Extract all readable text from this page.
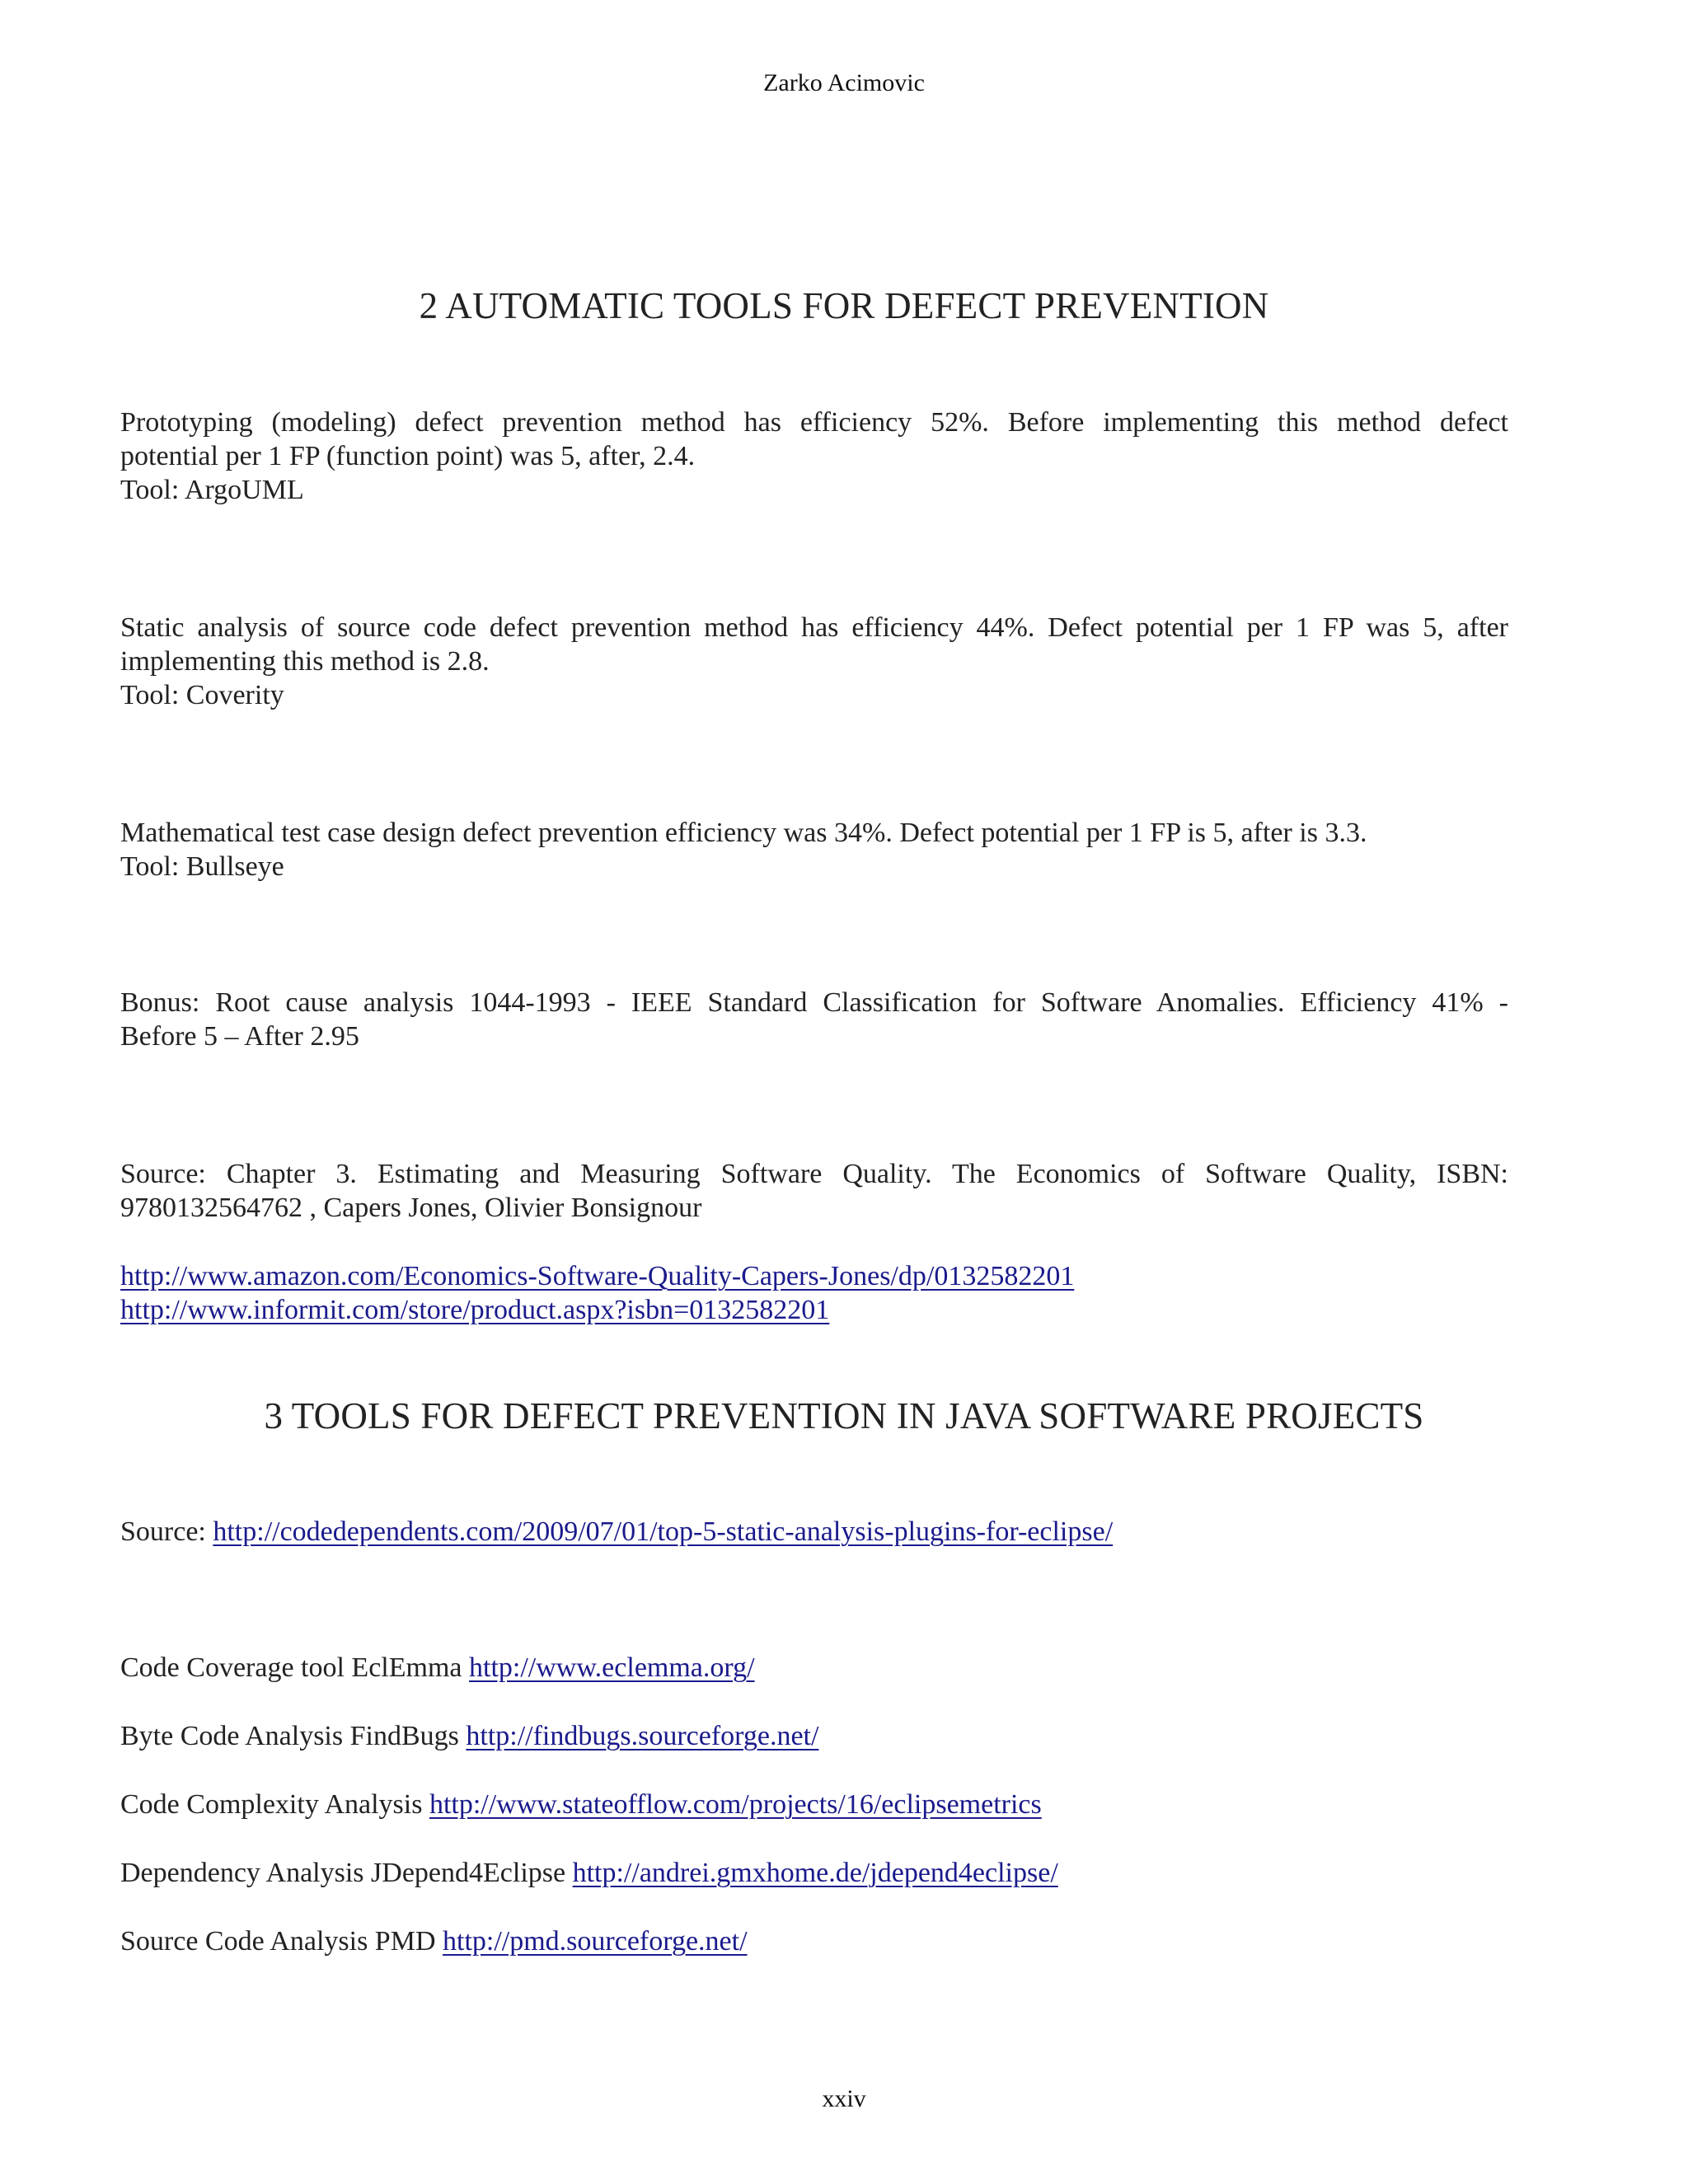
Zarko Acimovic
2 AUTOMATIC TOOLS FOR DEFECT PREVENTION
Prototyping (modeling) defect prevention method has efficiency 52%. Before implementing this method defect
potential per 1 FP (function point) was 5, after, 2.4.
Tool: ArgoUML
Static analysis of source code defect prevention method has efficiency 44%. Defect potential per 1 FP was 5, after
implementing this method is 2.8.
Tool: Coverity
Mathematical test case design defect prevention efficiency was 34%. Defect potential per 1 FP is 5, after is 3.3.
Tool: Bullseye
Bonus: Root cause analysis 1044-1993 - IEEE Standard Classification for Software Anomalies. Efficiency 41% -
Before 5 – After 2.95
Source: Chapter 3. Estimating and Measuring Software Quality. The Economics of Software Quality, ISBN:
9780132564762 , Capers Jones, Olivier Bonsignour
http://www.amazon.com/Economics-Software-Quality-Capers-Jones/dp/0132582201
http://www.informit.com/store/product.aspx?isbn=0132582201
3 TOOLS FOR DEFECT PREVENTION IN JAVA SOFTWARE PROJECTS
Source: http://codedependents.com/2009/07/01/top-5-static-analysis-plugins-for-eclipse/
Code Coverage tool EclEmma http://www.eclemma.org/
Byte Code Analysis FindBugs http://findbugs.sourceforge.net/
Code Complexity Analysis http://www.stateofflow.com/projects/16/eclipsemetrics
Dependency Analysis JDepend4Eclipse http://andrei.gmxhome.de/jdepend4eclipse/
Source Code Analysis PMD http://pmd.sourceforge.net/
xxiv
